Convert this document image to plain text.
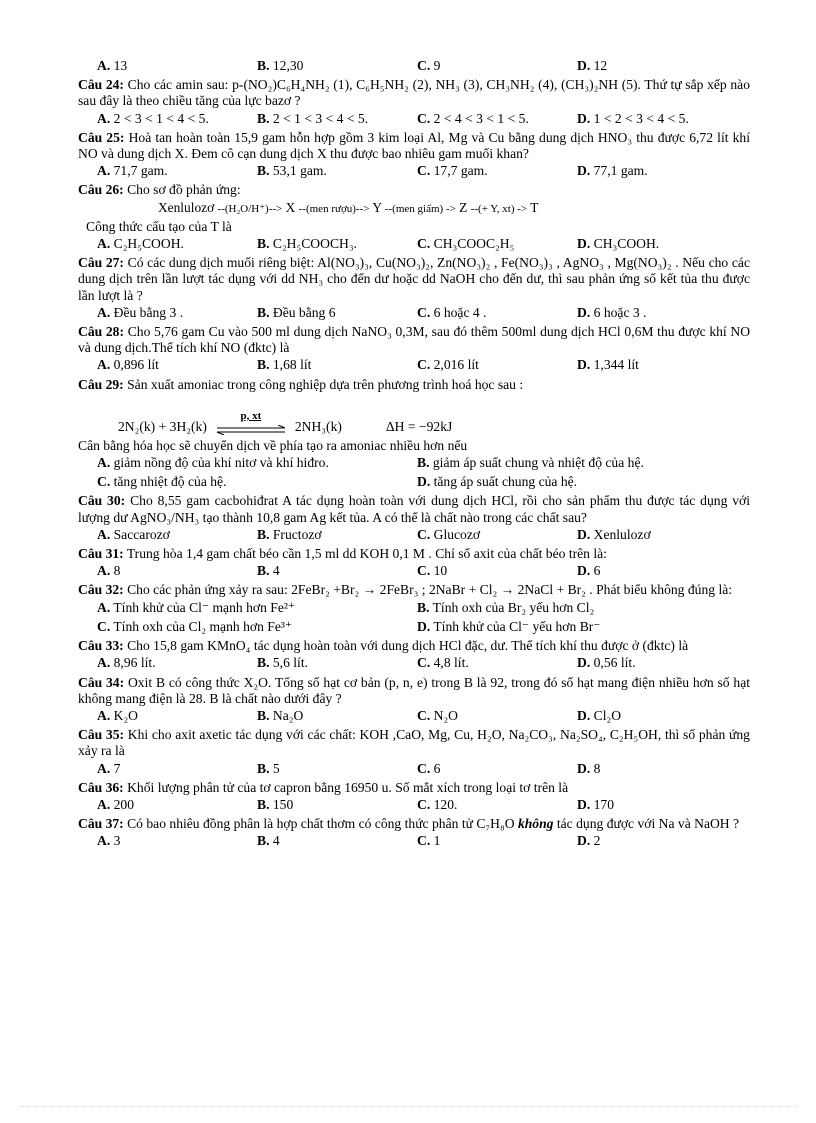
A. 13	B. 12,30	C. 9	D. 12
Câu 24: Cho các amin sau: p-(NO₂)C₆H₄NH₂ (1), C₆H₅NH₂ (2), NH₃ (3), CH₃NH₂ (4), (CH₃)₂NH (5). Thứ tự sắp xếp nào sau đây là theo chiều tăng của lực bazơ ?
A. 2 < 3 < 1 < 4 < 5.	B. 2 < 1 < 3 < 4 < 5.	C. 2 < 4 < 3 < 1 < 5.	D. 1 < 2 < 3 < 4 < 5.
Câu 25: Hoà tan hoàn toàn 15,9 gam hỗn hợp gồm 3 kim loại Al, Mg và Cu bằng dung dịch HNO₃ thu được 6,72 lít khí NO và dung dịch X. Đem cô cạn dung dịch X thu được bao nhiêu gam muối khan?
A. 71,7 gam.	B. 53,1 gam.	C. 17,7 gam.	D. 77,1 gam.
Câu 26: Cho sơ đồ phản ứng:
Xenlulozơ --(H₂O/H⁺)--> X --(men rượu)--> Y --(men giấm) -> Z --(+ Y, xt) -> T
Công thức cấu tạo của T là
A. C₂H₅COOH.	B. C₂H₅COOCH₃.	C. CH₃COOC₂H₅	D. CH₃COOH.
Câu 27: Có các dung dịch muối riêng biệt: Al(NO₃)₃, Cu(NO₃)₂, Zn(NO₃)₂ , Fe(NO₃)₃ , AgNO₃ , Mg(NO₃)₂ . Nếu cho các dung dịch trên lần lượt tác dụng với dd NH₃ cho đến dư hoặc dd NaOH cho đến dư, thì sau phản ứng số kết tủa thu được lần lượt là ?
A. Đều bằng 3 .	B. Đều bằng 6	C. 6 hoặc 4 .	D. 6 hoặc 3 .
Câu 28: Cho 5,76 gam Cu vào 500 ml dung dịch NaNO₃ 0,3M, sau đó thêm 500ml dung dịch HCl 0,6M thu được khí NO và dung dịch.Thể tích khí NO (đktc) là
A. 0,896 lít	B. 1,68 lít	C. 2,016 lít	D. 1,344 lít
Câu 29: Sản xuất amoniac trong công nghiệp dựa trên phương trình hoá học sau :
2N₂(k) + 3H₂(k)
p, xt
2NH₃(k)	ΔH = −92kJ
Cân bằng hóa học sẽ chuyển dịch về phía tạo ra amoniac nhiều hơn nếu
A. giảm nồng độ của khí nitơ và khí hiđro.	B. giảm áp suất chung và nhiệt độ của hệ.
C. tăng nhiệt độ của hệ.	D. tăng áp suất chung của hệ.
Câu 30: Cho 8,55 gam cacbohiđrat A tác dụng hoàn toàn với dung dịch HCl, rồi cho sản phẩm thu được tác dụng với lượng dư AgNO₃/NH₃ tạo thành 10,8 gam Ag kết tủa. A có thể là chất nào trong các chất sau?
A. Saccarozơ	B. Fructozơ	C. Glucozơ	D. Xenlulozơ
Câu 31: Trung hòa 1,4 gam chất béo cần 1,5 ml dd KOH 0,1 M . Chỉ số axit của chất béo trên là:
A. 8	B. 4	C. 10	D. 6
Câu 32: Cho các phản ứng xảy ra sau: 2FeBr₂ +Br₂ → 2FeBr₃ ; 2NaBr + Cl₂ → 2NaCl + Br₂ . Phát biểu không đúng là:
A. Tính khử của Cl⁻ mạnh hơn Fe²⁺	B. Tính oxh của Br₂ yếu hơn Cl₂
C. Tính oxh của Cl₂ mạnh hơn Fe³⁺	D. Tính khử của Cl⁻ yếu hơn Br⁻
Câu 33: Cho 15,8 gam KMnO₄ tác dụng hoàn toàn với dung dịch HCl đặc, dư. Thể tích khí thu được ở (đktc) là
A. 8,96 lít.	B. 5,6 lít.	C. 4,8 lít.	D. 0,56 lít.
Câu 34: Oxit B có công thức X₂O. Tổng số hạt cơ bản (p, n, e) trong B là 92, trong đó số hạt mang điện nhiều hơn số hạt không mang điện là 28. B là chất nào dưới đây ?
A. K₂O	B. Na₂O	C. N₂O	D. Cl₂O
Câu 35: Khi cho axit axetic tác dụng với các chất: KOH ,CaO, Mg, Cu, H₂O, Na₂CO₃, Na₂SO₄, C₂H₅OH, thì số phản ứng xảy ra là
A. 7	B. 5	C. 6	D. 8
Câu 36: Khối lượng phân tử của tơ capron bằng 16950 u. Số mắt xích trong loại tơ trên là
A. 200	B. 150	C. 120.	D. 170
Câu 37: Có bao nhiêu đồng phân là hợp chất thơm có công thức phân tử C₇H₈O không tác dụng được với Na và NaOH ?
A. 3	B. 4	C. 1	D. 2
